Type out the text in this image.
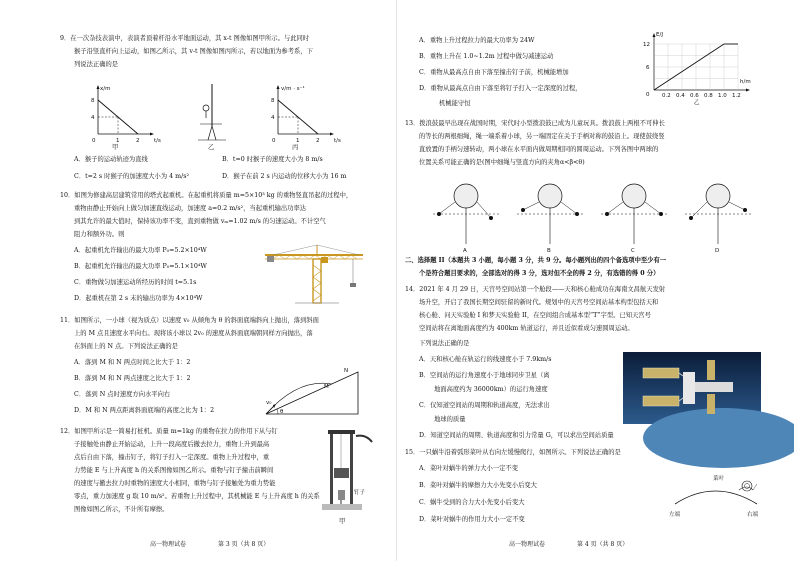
9．在一次杂技表演中，表演者顶着杆沿水平地面运动，其 x-t 图像如图甲所示。与此同时
猴子沿竖直杆向上运动，如图乙所示，其 v-t 图像如图丙所示，若以地面为参考系，下
列说法正确的是
x/m
t/s
8
4
0	1	2
甲	乙
v/m · s⁻¹
t/s
8
4
0	1	2
丙
A．猴子的运动轨迹为直线	B．t=0 时猴子的速度大小为 8 m/s
C．t=2 s 时猴子的加速度大小为 4 m/s²	D．猴子在前 2 s 内运动的位移大小为 16 m
10．如图为修建高层建筑常用的塔式起重机。在起重机将质量 m=5×10³ kg 的重物竖直吊起的过程中，
重物由静止开始向上做匀加速直线运动，加速度 a=0.2 m/s²，当起重机输出功率达
到其允许的最大值时，保持该功率不变，直到重物做 vₘ=1.02 m/s 的匀速运动。不计空气
阻力和额外功。则
A．起重机允许输出的最大功率 P₀=5.2×10⁴W
B．起重机允许输出的最大功率 P₀=5.1×10⁴W
C．重物做匀加速运动所经历的时间 t=5.1s
D．起重机在第 2 s 末的输出功率为 4×10⁴W
11．如图所示，一小球（视为质点）以速度 v₀ 从倾角为 θ 的斜面底端斜向上抛出，落到斜面
上的 M 点且速度水平向右。现将该小球以 2v₀ 的速度从斜面底端朝同样方向抛出，落
在斜面上的 N 点。下列说法正确的是
A．落到 M 和 N 两点时间之比大于 1：2
B．落到 M 和 N 两点速度之比大于 1：2
C．落到 N 点时速度方向水平向右
D．M 和 N 两点距离斜面底端的高度之比为 1：2
N
M
v₀
θ
12．如图甲所示是一简易打桩机。质量 m=1kg 的重物在拉力的作用下从与钉
子接触处由静止开始运动，上升一段高度后撤去拉力，重物上升到最高
点后自由下落，撞击钉子，将钉子打入一定深度。重物上升过程中，重
力势能 E 与上升高度 h 的关系图像如图乙所示。重物与钉子撞击前瞬间
的速度与撤去拉力时重物的速度大小相同，重物与钉子接触处为重力势能
零点，重力加速度 g 取 10 m/s²。若重物上升过程中，其机械能 E 与上升高度 h 的关系
图像如图乙所示，不计所有摩擦。
钉子
甲
高一物理试卷	第 3 页（共 8 页）
A．重物上升过程拉力的最大功率为 24W
B．重物上升在 1.0~1.2m 过程中做匀减速运动
C．重物从最高点自由下落至撞击钉子前，机械能增加
D．重物从最高点自由下落至将钉子打入一定深度的过程，
机械能守恒
E/J
h/m
12
6
0 0.2 0.4 0.6 0.8 1.0 1.2
乙
13．拨浪鼓最早出现在战国时期，宋代时小型拨浪鼓已成为儿童玩具。拨浪鼓上两根不可伸长
的等长的两根细绳，绳一端系着小球，另一端固定在关于手柄对称的鼓沿上。现使鼓绕竖
直放置的手柄匀速转动，两小球在水平面内做周期相同的圆周运动。下列各图中两球的
位置关系可能正确的是(图中细绳与竖直方向的夹角α<β<θ)
A	B	C	D
二、选择题 II（本题共 3 小题，每小题 3 分，共 9 分。每小题列出的四个备选项中至少有一
个是符合题目要求的，全部选对的得 3 分，选对但不全的得 2 分，有选错的得 0 分）
14．2021 年 4 月 29 日，天宫号空间站第一个舱段——天和核心舱成功在海南文昌航天发射
场升空，开启了我国长期空间驻留的新时代。规划中的天宫号空间站基本构型包括天和
核心舱、问天实验舱 I 和梦天实验舱 II，在空间组合成基本型“T”字型。已知天宫号
空间站将在离地面高度约为 400km 轨道运行，并且近似看成匀速圆周运动。
下列说法正确的是
A．天和核心舱在轨运行的线速度小于 7.9km/s
B．空间站的运行角速度小于地球同步卫星（离
地面高度约为 36000km）的运行角速度
C．仅知道空间站的周期和轨道高度，无法求出
地球的质量
D．知道空间站的周期、轨道高度和引力常量 G，可以求出空间站质量
15．一只蜗牛沿着弧形菜叶从右向左缓慢爬行，如图所示。下列说法正确的是
A．菜叶对蜗牛的弹力大小一定不变
B．菜叶对蜗牛的摩擦力大小先变小后变大
C．蜗牛受到的合力大小先变小后变大
D．菜叶对蜗牛的作用力大小一定不变
菜叶
左端	右端
高一物理试卷	第 4 页（共 8 页）
